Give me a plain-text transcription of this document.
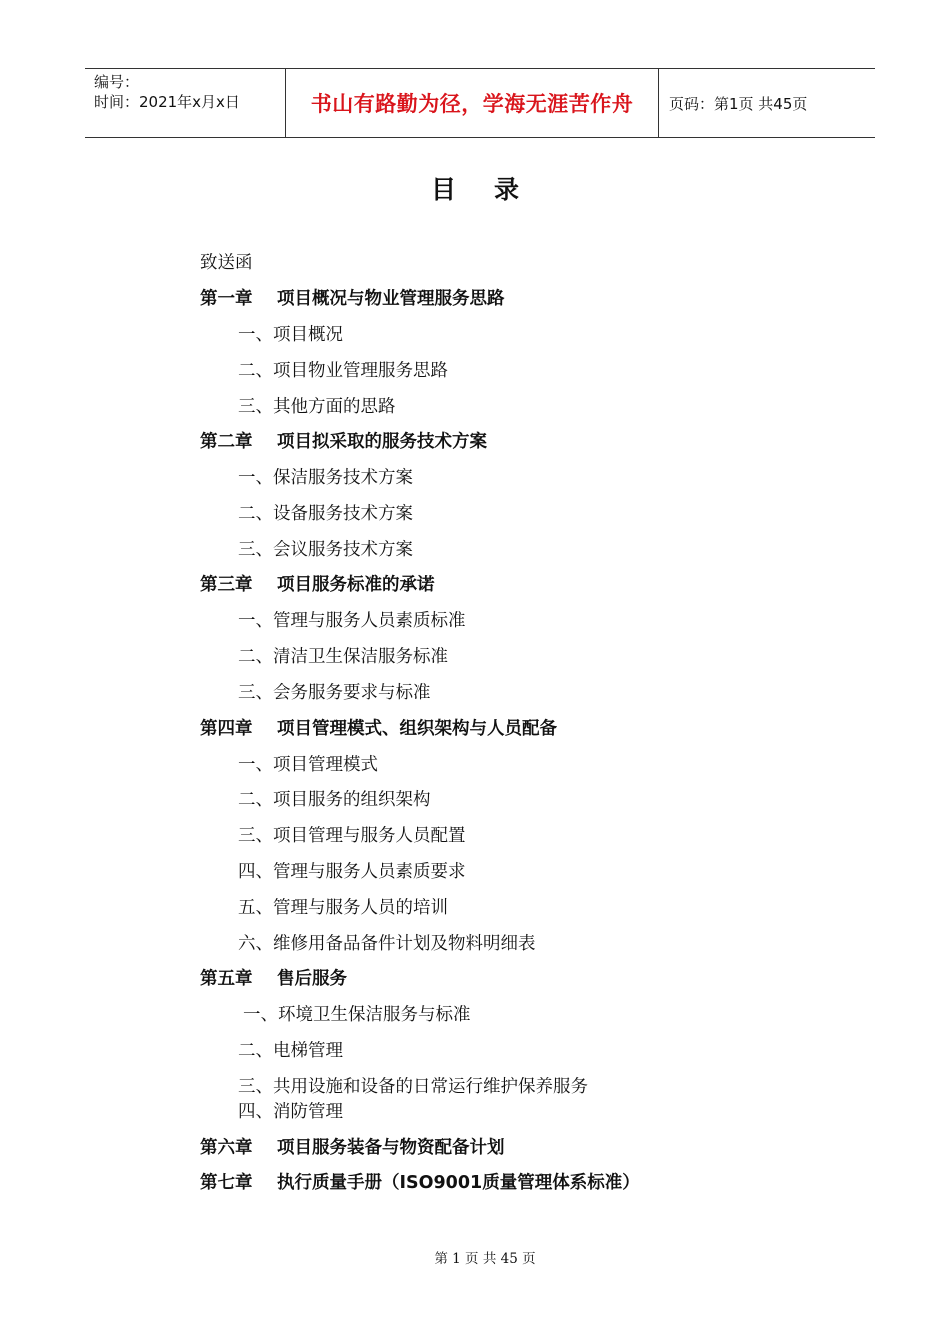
编号：
时间：2021年x月x日	书山有路勤为径，学海无涯苦作舟 页码：第1页 共45页
目录
致送函
第一章 项目概况与物业管理服务思路
一、项目概况
二、项目物业管理服务思路
三、其他方面的思路
第二章 项目拟采取的服务技术方案
一、保洁服务技术方案
二、设备服务技术方案
三、会议服务技术方案
第三章 项目服务标准的承诺
一、管理与服务人员素质标准
二、清洁卫生保洁服务标准
三、会务服务要求与标准
第四章 项目管理模式、组织架构与人员配备
一、项目管理模式
二、项目服务的组织架构
三、项目管理与服务人员配置
四、管理与服务人员素质要求
五、管理与服务人员的培训
六、维修用备品备件计划及物料明细表
第五章 售后服务
一、环境卫生保洁服务与标准
二、电梯管理
三、共用设施和设备的日常运行维护保养服务
四、消防管理
第六章 项目服务装备与物资配备计划
第七章 执行质量手册（ISO9001质量管理体系标准）
第 1 页 共 45 页
